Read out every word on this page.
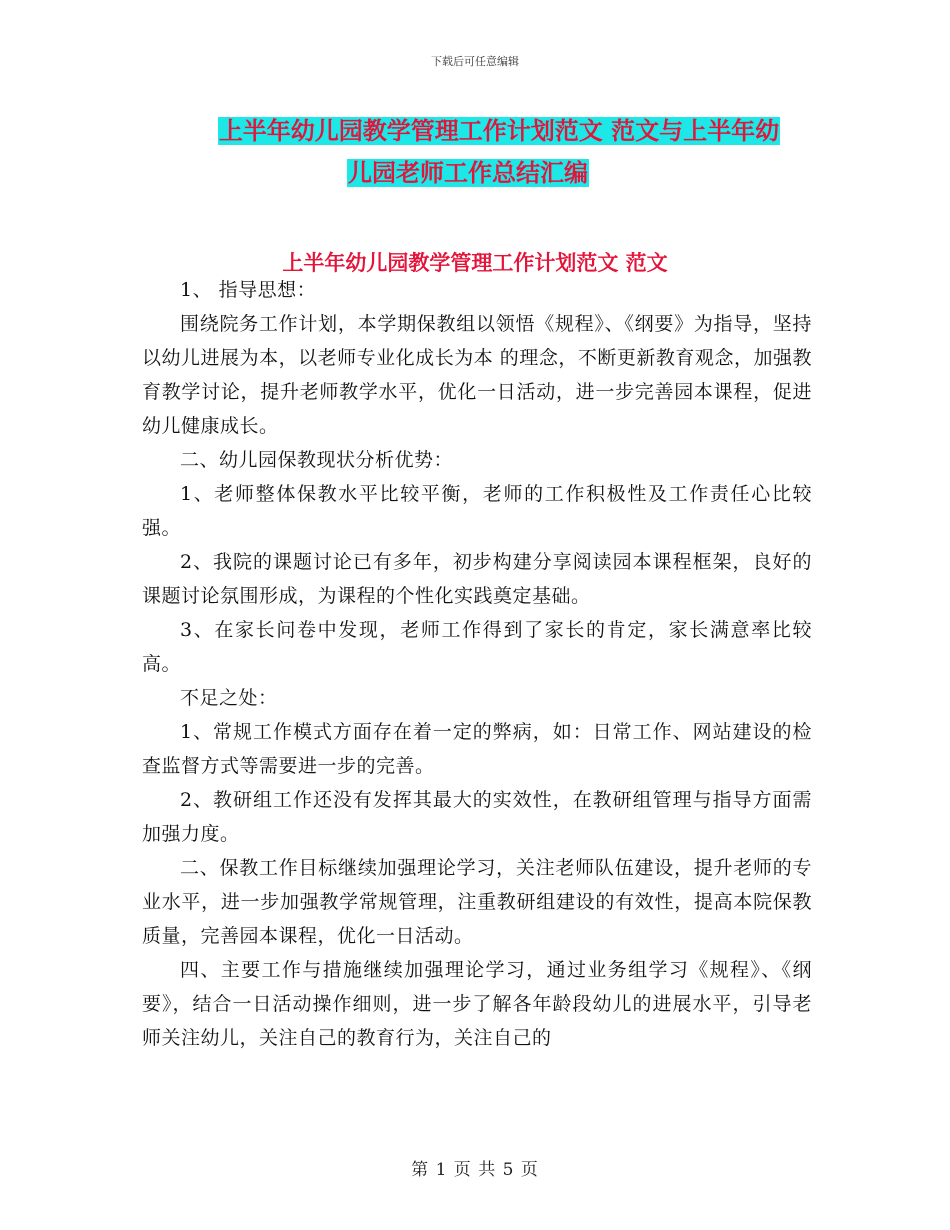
下载后可任意编辑
上半年幼儿园教学管理工作计划范文 范文与上半年幼
儿园老师工作总结汇编
上半年幼儿园教学管理工作计划范文 范文

1、 指导思想：

围绕院务工作计划，本学期保教组以领悟《规程》、《纲要》为指导，坚持 以幼儿进展为本，以老师专业化成长为本 的理念，不断更新教育观念，加强教育教学讨论，提升老师教学水平，优化一日活动，进一步完善园本课程，促进幼儿健康成长。

二、幼儿园保教现状分析优势：

1、老师整体保教水平比较平衡，老师的工作积极性及工作责任心比较强。

2、我院的课题讨论已有多年，初步构建分享阅读园本课程框架，良好的课题讨论氛围形成，为课程的个性化实践奠定基础。

3、在家长问卷中发现，老师工作得到了家长的肯定，家长满意率比较高。

不足之处：

1、常规工作模式方面存在着一定的弊病，如：日常工作、网站建设的检查监督方式等需要进一步的完善。

2、教研组工作还没有发挥其最大的实效性，在教研组管理与指导方面需加强力度。

二、保教工作目标继续加强理论学习，关注老师队伍建设，提升老师的专业水平，进一步加强教学常规管理，注重教研组建设的有效性，提高本院保教质量，完善园本课程，优化一日活动。

四、主要工作与措施继续加强理论学习，通过业务组学习《规程》、《纲要》，结合一日活动操作细则，进一步了解各年龄段幼儿的进展水平，引导老师关注幼儿，关注自己的教育行为，关注自己的

第 1 页 共 5 页
